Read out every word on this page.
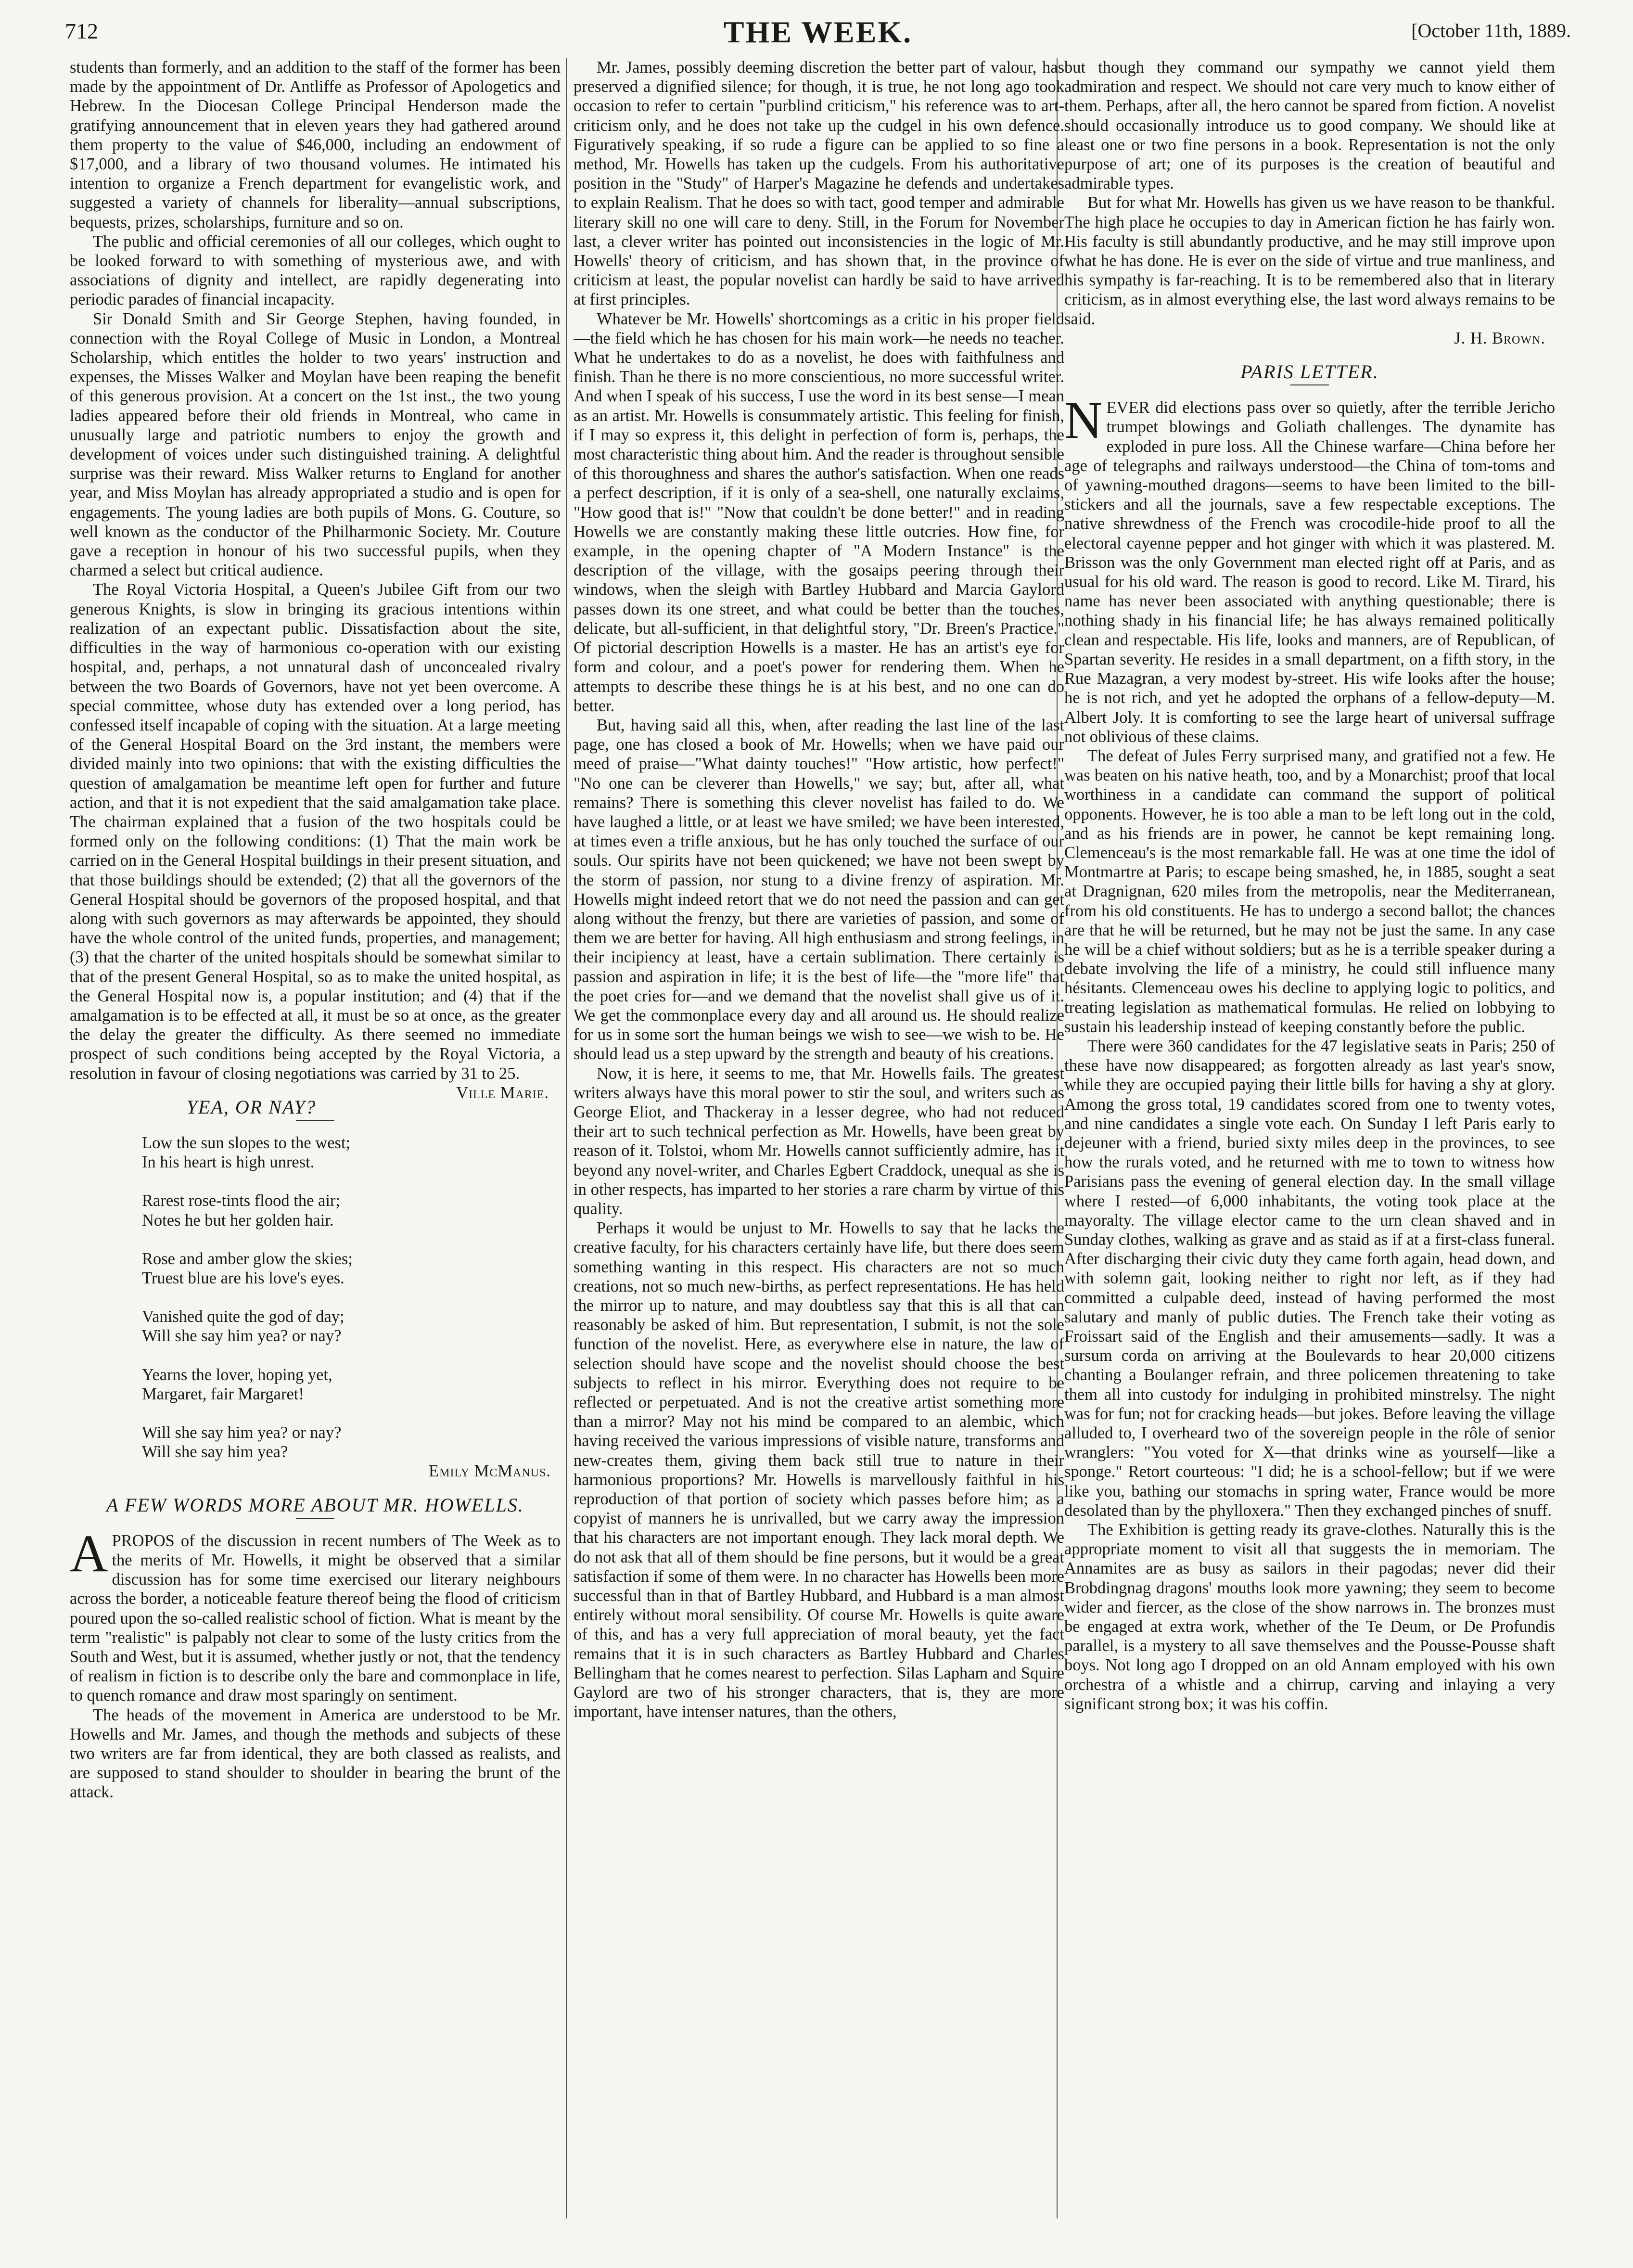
712	THE WEEK.	[October 11th, 1889.

students than formerly, and an addition to the staff of the former has been made by the appointment of Dr. Antliffe as Professor of Apologetics and Hebrew. In the Diocesan College Principal Henderson made the gratifying announcement that in eleven years they had gathered around them property to the value of $46,000, including an endowment of $17,000, and a library of two thousand volumes. He intimated his intention to organize a French department for evangelistic work, and suggested a variety of channels for liberality—annual subscriptions, bequests, prizes, scholarships, furniture and so on.

The public and official ceremonies of all our colleges, which ought to be looked forward to with something of mysterious awe, and with associations of dignity and intellect, are rapidly degenerating into periodic parades of financial incapacity.

Sir Donald Smith and Sir George Stephen, having founded, in connection with the Royal College of Music in London, a Montreal Scholarship, which entitles the holder to two years' instruction and expenses, the Misses Walker and Moylan have been reaping the benefit of this generous provision. At a concert on the 1st inst., the two young ladies appeared before their old friends in Montreal, who came in unusually large and patriotic numbers to enjoy the growth and development of voices under such distinguished training. A delightful surprise was their reward. Miss Walker returns to England for another year, and Miss Moylan has already appropriated a studio and is open for engagements. The young ladies are both pupils of Mons. G. Couture, so well known as the conductor of the Philharmonic Society. Mr. Couture gave a reception in honour of his two successful pupils, when they charmed a select but critical audience.

The Royal Victoria Hospital, a Queen's Jubilee Gift from our two generous Knights, is slow in bringing its gracious intentions within realization of an expectant public. Dissatisfaction about the site, difficulties in the way of harmonious co-operation with our existing hospital, and, perhaps, a not unnatural dash of unconcealed rivalry between the two Boards of Governors, have not yet been overcome. A special committee, whose duty has extended over a long period, has confessed itself incapable of coping with the situation. At a large meeting of the General Hospital Board on the 3rd instant, the members were divided mainly into two opinions: that with the existing difficulties the question of amalgamation be meantime left open for further and future action, and that it is not expedient that the said amalgamation take place. The chairman explained that a fusion of the two hospitals could be formed only on the following conditions: (1) That the main work be carried on in the General Hospital buildings in their present situation, and that those buildings should be extended; (2) that all the governors of the General Hospital should be governors of the proposed hospital, and that along with such governors as may afterwards be appointed, they should have the whole control of the united funds, properties, and management; (3) that the charter of the united hospitals should be somewhat similar to that of the present General Hospital, so as to make the united hospital, as the General Hospital now is, a popular institution; and (4) that if the amalgamation is to be effected at all, it must be so at once, as the greater the delay the greater the difficulty. As there seemed no immediate prospect of such conditions being accepted by the Royal Victoria, a resolution in favour of closing negotiations was carried by 31 to 25.
Ville Marie.

YEA, OR NAY?
Low the sun slopes to the west;
In his heart is high unrest.
Rarest rose-tints flood the air;
Notes he but her golden hair.
Rose and amber glow the skies;
Truest blue are his love's eyes.
Vanished quite the god of day;
Will she say him yea? or nay?
Yearns the lover, hoping yet,
Margaret, fair Margaret!
Will she say him yea? or nay?
Will she say him yea?
Emily McManus.
A FEW WORDS MORE ABOUT MR. HOWELLS.

APROPOS of the discussion in recent numbers of The Week as to the merits of Mr. Howells, it might be observed that a similar discussion has for some time exercised our literary neighbours across the border, a noticeable feature thereof being the flood of criticism poured upon the so-called realistic school of fiction. What is meant by the term "realistic" is palpably not clear to some of the lusty critics from the South and West, but it is assumed, whether justly or not, that the tendency of realism in fiction is to describe only the bare and commonplace in life, to quench romance and draw most sparingly on sentiment.

The heads of the movement in America are understood to be Mr. Howells and Mr. James, and though the methods and subjects of these two writers are far from identical, they are both classed as realists, and are supposed to stand shoulder to shoulder in bearing the brunt of the attack.

Mr. James, possibly deeming discretion the better part of valour, has preserved a dignified silence; for though, it is true, he not long ago took occasion to refer to certain "purblind criticism," his reference was to art-criticism only, and he does not take up the cudgel in his own defence. Figuratively speaking, if so rude a figure can be applied to so fine a method, Mr. Howells has taken up the cudgels. From his authoritative position in the "Study" of Harper's Magazine he defends and undertakes to explain Realism. That he does so with tact, good temper and admirable literary skill no one will care to deny. Still, in the Forum for November last, a clever writer has pointed out inconsistencies in the logic of Mr. Howells' theory of criticism, and has shown that, in the province of criticism at least, the popular novelist can hardly be said to have arrived at first principles.

Whatever be Mr. Howells' shortcomings as a critic in his proper field—the field which he has chosen for his main work—he needs no teacher. What he undertakes to do as a novelist, he does with faithfulness and finish. Than he there is no more conscientious, no more successful writer. And when I speak of his success, I use the word in its best sense—I mean as an artist. Mr. Howells is consummately artistic. This feeling for finish, if I may so express it, this delight in perfection of form is, perhaps, the most characteristic thing about him. And the reader is throughout sensible of this thoroughness and shares the author's satisfaction. When one reads a perfect description, if it is only of a sea-shell, one naturally exclaims, "How good that is!" "Now that couldn't be done better!" and in reading Howells we are constantly making these little outcries. How fine, for example, in the opening chapter of "A Modern Instance" is the description of the village, with the gosaips peering through their windows, when the sleigh with Bartley Hubbard and Marcia Gaylord passes down its one street, and what could be better than the touches, delicate, but all-sufficient, in that delightful story, "Dr. Breen's Practice." Of pictorial description Howells is a master. He has an artist's eye for form and colour, and a poet's power for rendering them. When he attempts to describe these things he is at his best, and no one can do better.

But, having said all this, when, after reading the last line of the last page, one has closed a book of Mr. Howells; when we have paid our meed of praise—"What dainty touches!" "How artistic, how perfect!" "No one can be cleverer than Howells," we say; but, after all, what remains? There is something this clever novelist has failed to do. We have laughed a little, or at least we have smiled; we have been interested, at times even a trifle anxious, but he has only touched the surface of our souls. Our spirits have not been quickened; we have not been swept by the storm of passion, nor stung to a divine frenzy of aspiration. Mr. Howells might indeed retort that we do not need the passion and can get along without the frenzy, but there are varieties of passion, and some of them we are better for having. All high enthusiasm and strong feelings, in their incipiency at least, have a certain sublimation. There certainly is passion and aspiration in life; it is the best of life—the "more life" that the poet cries for—and we demand that the novelist shall give us of it. We get the commonplace every day and all around us. He should realize for us in some sort the human beings we wish to see—we wish to be. He should lead us a step upward by the strength and beauty of his creations.

Now, it is here, it seems to me, that Mr. Howells fails. The greatest writers always have this moral power to stir the soul, and writers such as George Eliot, and Thackeray in a lesser degree, who had not reduced their art to such technical perfection as Mr. Howells, have been great by reason of it. Tolstoi, whom Mr. Howells cannot sufficiently admire, has it beyond any novel-writer, and Charles Egbert Craddock, unequal as she is in other respects, has imparted to her stories a rare charm by virtue of this quality.

Perhaps it would be unjust to Mr. Howells to say that he lacks the creative faculty, for his characters certainly have life, but there does seem something wanting in this respect. His characters are not so much creations, not so much new-births, as perfect representations. He has held the mirror up to nature, and may doubtless say that this is all that can reasonably be asked of him. But representation, I submit, is not the sole function of the novelist. Here, as everywhere else in nature, the law of selection should have scope and the novelist should choose the best subjects to reflect in his mirror. Everything does not require to be reflected or perpetuated. And is not the creative artist something more than a mirror? May not his mind be compared to an alembic, which having received the various impressions of visible nature, transforms and new-creates them, giving them back still true to nature in their harmonious proportions? Mr. Howells is marvellously faithful in his reproduction of that portion of society which passes before him; as a copyist of manners he is unrivalled, but we carry away the impression that his characters are not important enough. They lack moral depth. We do not ask that all of them should be fine persons, but it would be a great satisfaction if some of them were. In no character has Howells been more successful than in that of Bartley Hubbard, and Hubbard is a man almost entirely without moral sensibility. Of course Mr. Howells is quite aware of this, and has a very full appreciation of moral beauty, yet the fact remains that it is in such characters as Bartley Hubbard and Charles Bellingham that he comes nearest to perfection. Silas Lapham and Squire Gaylord are two of his stronger characters, that is, they are more important, have intenser natures, than the others,

but though they command our sympathy we cannot yield them admiration and respect. We should not care very much to know either of them. Perhaps, after all, the hero cannot be spared from fiction. A novelist should occasionally introduce us to good company. We should like at least one or two fine persons in a book. Representation is not the only purpose of art; one of its purposes is the creation of beautiful and admirable types.

But for what Mr. Howells has given us we have reason to be thankful. The high place he occupies to day in American fiction he has fairly won. His faculty is still abundantly productive, and he may still improve upon what he has done. He is ever on the side of virtue and true manliness, and his sympathy is far-reaching. It is to be remembered also that in literary criticism, as in almost everything else, the last word always remains to be said.

J. H. Brown.
PARIS LETTER.

NEVER did elections pass over so quietly, after the terrible Jericho trumpet blowings and Goliath challenges. The dynamite has exploded in pure loss. All the Chinese warfare—China before her age of telegraphs and railways understood—the China of tom-toms and of yawning-mouthed dragons—seems to have been limited to the bill-stickers and all the journals, save a few respectable exceptions. The native shrewdness of the French was crocodile-hide proof to all the electoral cayenne pepper and hot ginger with which it was plastered. M. Brisson was the only Government man elected right off at Paris, and as usual for his old ward. The reason is good to record. Like M. Tirard, his name has never been associated with anything questionable; there is nothing shady in his financial life; he has always remained politically clean and respectable. His life, looks and manners, are of Republican, of Spartan severity. He resides in a small department, on a fifth story, in the Rue Mazagran, a very modest by-street. His wife looks after the house; he is not rich, and yet he adopted the orphans of a fellow-deputy—M. Albert Joly. It is comforting to see the large heart of universal suffrage not oblivious of these claims.

The defeat of Jules Ferry surprised many, and gratified not a few. He was beaten on his native heath, too, and by a Monarchist; proof that local worthiness in a candidate can command the support of political opponents. However, he is too able a man to be left long out in the cold, and as his friends are in power, he cannot be kept remaining long. Clemenceau's is the most remarkable fall. He was at one time the idol of Montmartre at Paris; to escape being smashed, he, in 1885, sought a seat at Dragnignan, 620 miles from the metropolis, near the Mediterranean, from his old constituents. He has to undergo a second ballot; the chances are that he will be returned, but he may not be just the same. In any case he will be a chief without soldiers; but as he is a terrible speaker during a debate involving the life of a ministry, he could still influence many hésitants. Clemenceau owes his decline to applying logic to politics, and treating legislation as mathematical formulas. He relied on lobbying to sustain his leadership instead of keeping constantly before the public.

There were 360 candidates for the 47 legislative seats in Paris; 250 of these have now disappeared; as forgotten already as last year's snow, while they are occupied paying their little bills for having a shy at glory. Among the gross total, 19 candidates scored from one to twenty votes, and nine candidates a single vote each. On Sunday I left Paris early to dejeuner with a friend, buried sixty miles deep in the provinces, to see how the rurals voted, and he returned with me to town to witness how Parisians pass the evening of general election day. In the small village where I rested—of 6,000 inhabitants, the voting took place at the mayoralty. The village elector came to the urn clean shaved and in Sunday clothes, walking as grave and as staid as if at a first-class funeral. After discharging their civic duty they came forth again, head down, and with solemn gait, looking neither to right nor left, as if they had committed a culpable deed, instead of having performed the most salutary and manly of public duties. The French take their voting as Froissart said of the English and their amusements—sadly. It was a sursum corda on arriving at the Boulevards to hear 20,000 citizens chanting a Boulanger refrain, and three policemen threatening to take them all into custody for indulging in prohibited minstrelsy. The night was for fun; not for cracking heads—but jokes. Before leaving the village alluded to, I overheard two of the sovereign people in the rôle of senior wranglers: "You voted for X—that drinks wine as yourself—like a sponge." Retort courteous: "I did; he is a school-fellow; but if we were like you, bathing our stomachs in spring water, France would be more desolated than by the phylloxera." Then they exchanged pinches of snuff.

The Exhibition is getting ready its grave-clothes. Naturally this is the appropriate moment to visit all that suggests the in memoriam. The Annamites are as busy as sailors in their pagodas; never did their Brobdingnag dragons' mouths look more yawning; they seem to become wider and fiercer, as the close of the show narrows in. The bronzes must be engaged at extra work, whether of the Te Deum, or De Profundis parallel, is a mystery to all save themselves and the Pousse-Pousse shaft boys. Not long ago I dropped on an old Annam employed with his own orchestra of a whistle and a chirrup, carving and inlaying a very significant strong box; it was his coffin.
